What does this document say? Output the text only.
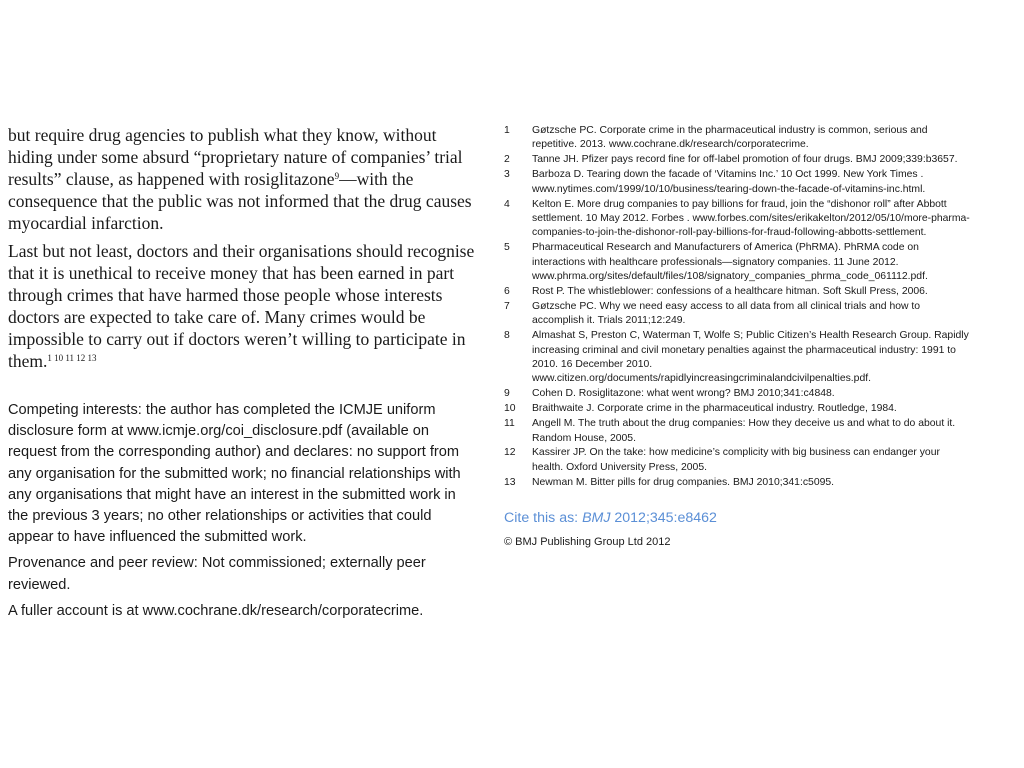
but require drug agencies to publish what they know, without hiding under some absurd “proprietary nature of companies’ trial results” clause, as happened with rosiglitazone$^9$—with the consequence that the public was not informed that the drug causes myocardial infarction.

Last but not least, doctors and their organisations should recognise that it is unethical to receive money that has been earned in part through crimes that have harmed those people whose interests doctors are expected to take care of. Many crimes would be impossible to carry out if doctors weren’t willing to participate in them.$^{1 10 11 12 13}$

Competing interests: the author has completed the ICMJE uniform disclosure form at www.icmje.org/coi_disclosure.pdf (available on request from the corresponding author) and declares: no support from any organisation for the submitted work; no financial relationships with any organisations that might have an interest in the submitted work in the previous 3 years; no other relationships or activities that could appear to have influenced the submitted work.

Provenance and peer review: Not commissioned; externally peer reviewed.

A fuller account is at www.cochrane.dk/research/corporatecrime.

1	Gøtzsche PC. Corporate crime in the pharmaceutical industry is common, serious and repetitive. 2013. www.cochrane.dk/research/corporatecrime.
2	Tanne JH. Pfizer pays record fine for off-label promotion of four drugs. BMJ 2009;339:b3657.
3	Barboza D. Tearing down the facade of ‘Vitamins Inc.’ 10 Oct 1999. New York Times . www.nytimes.com/1999/10/10/business/tearing-down-the-facade-of-vitamins-inc.html.
4	Kelton E. More drug companies to pay billions for fraud, join the “dishonor roll” after Abbott settlement. 10 May 2012. Forbes . www.forbes.com/sites/erikakelton/2012/05/10/more-pharma-companies-to-join-the-dishonor-roll-pay-billions-for-fraud-following-abbotts-settlement.
5	Pharmaceutical Research and Manufacturers of America (PhRMA). PhRMA code on interactions with healthcare professionals—signatory companies. 11 June 2012. www.phrma.org/sites/default/files/108/signatory_companies_phrma_code_061112.pdf.
6	Rost P. The whistleblower: confessions of a healthcare hitman. Soft Skull Press, 2006.
7	Gøtzsche PC. Why we need easy access to all data from all clinical trials and how to accomplish it. Trials 2011;12:249.
8	Almashat S, Preston C, Waterman T, Wolfe S; Public Citizen’s Health Research Group. Rapidly increasing criminal and civil monetary penalties against the pharmaceutical industry: 1991 to 2010. 16 December 2010. www.citizen.org/documents/rapidlyincreasingcriminalandcivilpenalties.pdf.
9	Cohen D. Rosiglitazone: what went wrong? BMJ 2010;341:c4848.
10	Braithwaite J. Corporate crime in the pharmaceutical industry. Routledge, 1984.
11	Angell M. The truth about the drug companies: How they deceive us and what to do about it. Random House, 2005.
12	Kassirer JP. On the take: how medicine’s complicity with big business can endanger your health. Oxford University Press, 2005.
13	Newman M. Bitter pills for drug companies. BMJ 2010;341:c5095.
Cite this as: BMJ 2012;345:e8462
© BMJ Publishing Group Ltd 2012
